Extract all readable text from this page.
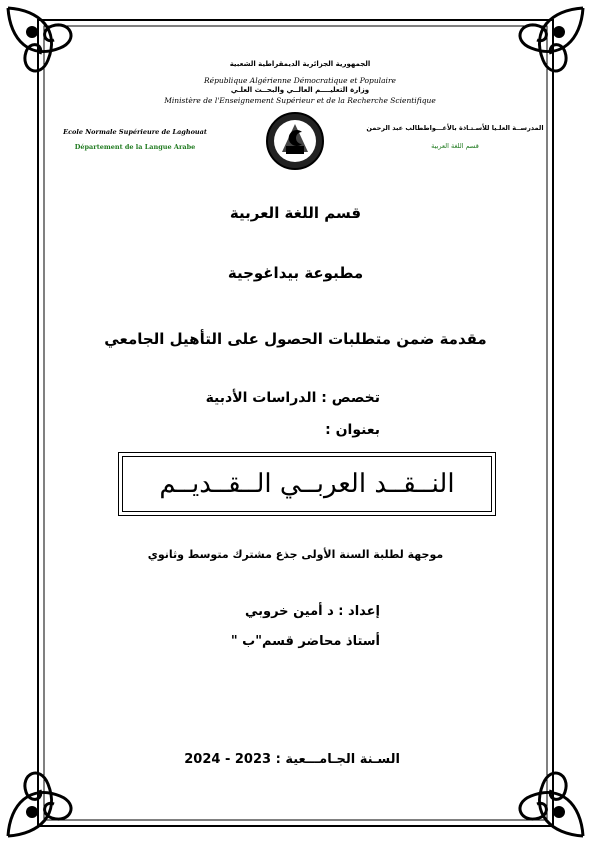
الجمهورية الجزائرية الديمقراطية الشعبية
République Algérienne Démocratique et Populaire
وزارة التعليــــم العالــي والبحــث العلـي
Ministère de l'Enseignement Supérieur et de la Recherche Scientifique
Ecole Normale Supérieure de Laghouat
Département de la Langue Arabe
المدرســة العلـيا للأسـتـاذة بالأغـــواططالب عبد الرحمن
قسم اللغة العربية
قسم اللغة العربية
مطبوعة بيداغوجية
مقدمة ضمن متطلبات الحصول على التأهيل الجامعي
تخصص : الدراسات الأدبية
بعنوان :
النــقــد العربــي الــقــديــم
موجهة لطلبة السنة الأولى جذع مشترك متوسط وثانوي
إعداد : د أمين خروبي
أستاذ محاضر قسم"ب "
السـنة الجـامـــعية : 2023 - 2024
